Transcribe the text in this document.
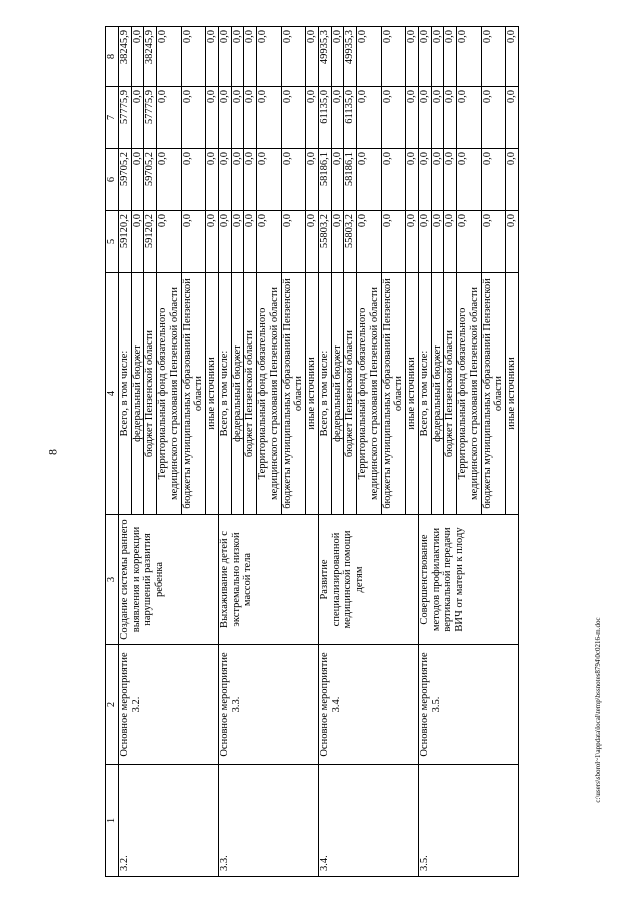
8
1	2	3	4	5	6	7	8
3.2.	Основное мероприятие 3.2.	Создание системы раннего выявления и коррекции нарушений развития ребенка	Всего, в том числе:	59120,2	59705,2	57775,9	38245,9
			федеральный бюджет	0,0	0,0	0,0	0,0
			бюджет Пензенской области	59120,2	59705,2	57775,9	38245,9
			Территориальный фонд обязательного медицинского страхования Пензенской области	0,0	0,0	0,0	0,0
			бюджеты муниципальных образований Пензенской области	0,0	0,0	0,0	0,0
			иные источники	0,0	0,0	0,0	0,0
3.3.	Основное мероприятие 3.3.	Выхаживание детей с экстремально низкой массой тела	Всего, в том числе:	0,0	0,0	0,0	0,0
			федеральный бюджет	0,0	0,0	0,0	0,0
			бюджет Пензенской области	0,0	0,0	0,0	0,0
			Территориальный фонд обязательного медицинского страхования Пензенской области	0,0	0,0	0,0	0,0
			бюджеты муниципальных образований Пензенской области	0,0	0,0	0,0	0,0
			иные источники	0,0	0,0	0,0	0,0
3.4.	Основное мероприятие 3.4.	Развитие специализированной медицинской помощи детям	Всего, в том числе:	55803,2	58186,1	61135,0	49935,3
			федеральный бюджет	0,0	0,0	0,0	0,0
			бюджет Пензенской области	55803,2	58186,1	61135,0	49935,3
			Территориальный фонд обязательного медицинского страхования Пензенской области	0,0	0,0	0,0	0,0
			бюджеты муниципальных образований Пензенской области	0,0	0,0	0,0	0,0
			иные источники	0,0	0,0	0,0	0,0
3.5.	Основное мероприятие 3.5.	Совершенствование методов профилактики вертикальной передачи ВИЧ от матери к плоду	Всего, в том числе:	0,0	0,0	0,0	0,0
			федеральный бюджет	0,0	0,0	0,0	0,0
			бюджет Пензенской области	0,0	0,0	0,0	0,0
			Территориальный фонд обязательного медицинского страхования Пензенской области	0,0	0,0	0,0	0,0
			бюджеты муниципальных образований Пензенской области	0,0	0,0	0,0	0,0
			иные источники	0,0	0,0	0,0	0,0
c:\users\sborol~1\appdata\local\temp\bssnotes8794\0c0216-m.doc
